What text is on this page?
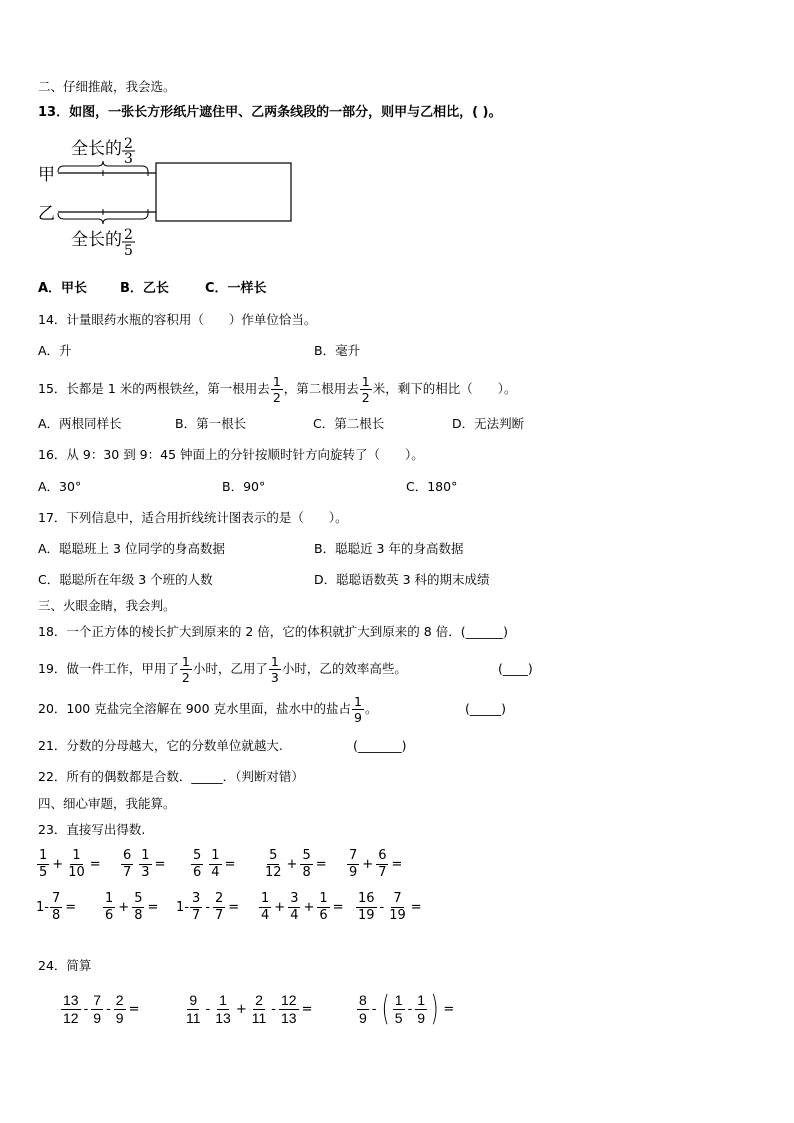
二、仔细推敲，我会选。
13．如图，一张长方形纸片遮住甲、乙两条线段的一部分，则甲与乙相比，( )。
全长的 2
3
甲
乙
全长的 2
5
A．甲长	B．乙长	C．一样长
14．计量眼药水瓶的容积用（　　）作单位恰当。
A．升	B．毫升
15．长都是 1 米的两根铁丝，第一根用去 $\frac{1}{2}$ ，第二根用去 $\frac{1}{2}$ 米，剩下的相比（　　）。
A．两根同样长	B．第一根长	C．第二根长	D．无法判断
16．从 9：30 到 9：45 钟面上的分针按顺时针方向旋转了（　　）。
A．30°	B．90°	C．180°
17．下列信息中，适合用折线统计图表示的是（　　）。
A．聪聪班上 3 位同学的身高数据	B．聪聪近 3 年的身高数据
C．聪聪所在年级 3 个班的人数	D．聪聪语数英 3 科的期末成绩
三、火眼金睛，我会判。
18．一个正方体的棱长扩大到原来的 2 倍，它的体积就扩大到原来的 8 倍．(______)
19．做一件工作，甲用了 $\frac{1}{2}$ 小时，乙用了 $\frac{1}{3}$ 小时，乙的效率高些。	(____)
20．100 克盐完全溶解在 900 克水里面，盐水中的盐占 $\frac{1}{9}$ 。	(_____)
21．分数的分母越大，它的分数单位就越大.	(_______)
22．所有的偶数都是合数．_____．（判断对错）
四、细心审题，我能算。
23．直接写出得数.
$\frac{1}{5} + \frac{1}{10} = \frac{6}{7} \frac{1}{3} = \frac{5}{6} \frac{1}{4} = \frac{5}{12} + \frac{5}{8} = \frac{7}{9} + \frac{6}{7}$ =
$1- \frac{7}{8} = \frac{1}{6} + \frac{5}{8} = 1- \frac{3}{7} - \frac{2}{7} = \frac{1}{4} + \frac{3}{4} + \frac{1}{6} = \frac{16}{19} - \frac{7}{19}$ =
24．简算
$\frac{13}{12} - \frac{7}{9} - \frac{2}{9}$ =	$\frac{9}{11} - \frac{1}{13} + \frac{2}{11} - \frac{12}{13}$ =	$\frac{8}{9}$ - ( $\frac{1}{5} - \frac{1}{9}$ ) =
